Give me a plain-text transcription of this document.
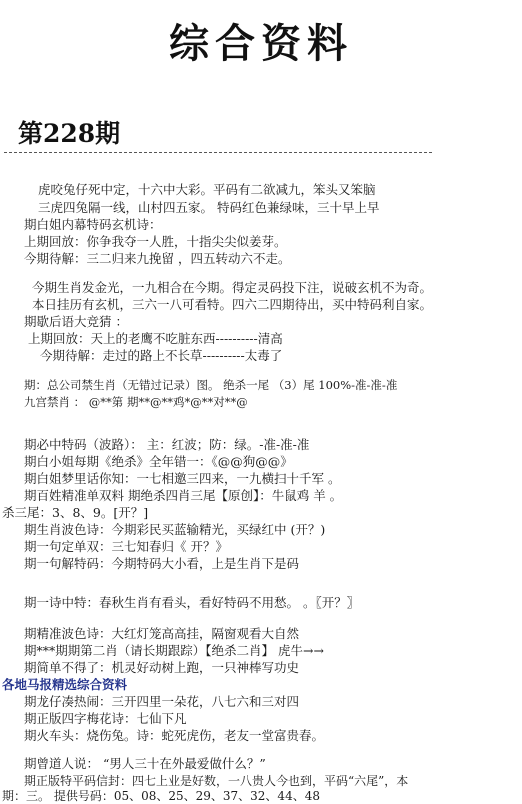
综合资料
第228期
虎咬兔仔死中定，十六中大彩。平码有二欲减九，笨头又笨脑
三虎四兔隔一线，山村四五家。 特码红色兼绿味，三十早上早
期白姐内幕特码玄机诗：
上期回放：你争我夺一人胜，十指尖尖似姜芽。
今期待解：三二归来九挽留 ，四五转动六不走。
今期生肖发金光，一九相合在今期。得定灵码投下注，说破玄机不为奇。
本日挂历有玄机，三六一八可看特。四六二四期待出，买中特码利自家。
期歇后语大竞猜 ：
上期回放：天上的老鹰不吃脏东西----------清高
今期待解：走过的路上不长草----------太毒了
期：总公司禁生肖（无错过记录）图。 绝杀一尾 （3）尾 100%-准-准-准
九宫禁肖 ： @**第 期**@**鸡*@**对**@
期必中特码（波路）： 主：红波；防：绿。-准-准-准
期白小姐每期《绝杀》全年错一：《@@狗@@》
期白姐梦里话你知：一七相邀三四来，一九横扫十千军 。
期百姓精准单双料 期绝杀四肖三尾【原创】：牛鼠鸡 羊 。
杀三尾：3、8、9。[开？]
期生肖波色诗：今期彩民买蓝输精光，买绿红中 (开？)
期一句定单双：三七知春归《 开？》
期一句解特码：今期特码大小看，上是生肖下是码
期一诗中特：春秋生肖有看头，看好特码不用愁。 。〖开？〗
期精准波色诗：大红灯笼高高挂，隔窗观看大自然
期***期期第二肖（请长期跟踪）【绝杀二肖】 虎牛→→
期简单不得了：机灵好动树上跑，一只神棒写功史
各地马报精选综合资料
期龙仔凑热闹：三开四里一朵花，八七六和三对四
期正版四字梅花诗：七仙下凡
期火车头：烧伤兔。诗：蛇死虎伤，老友一堂富贵春。
期曾道人说： “男人三十在外最爱做什么？”
期正版特平码信封：四七上业是好数，一八贵人今也到，平码“六尾”，本
期：三。 提供号码：05、08、25、29、37、32、44、48
